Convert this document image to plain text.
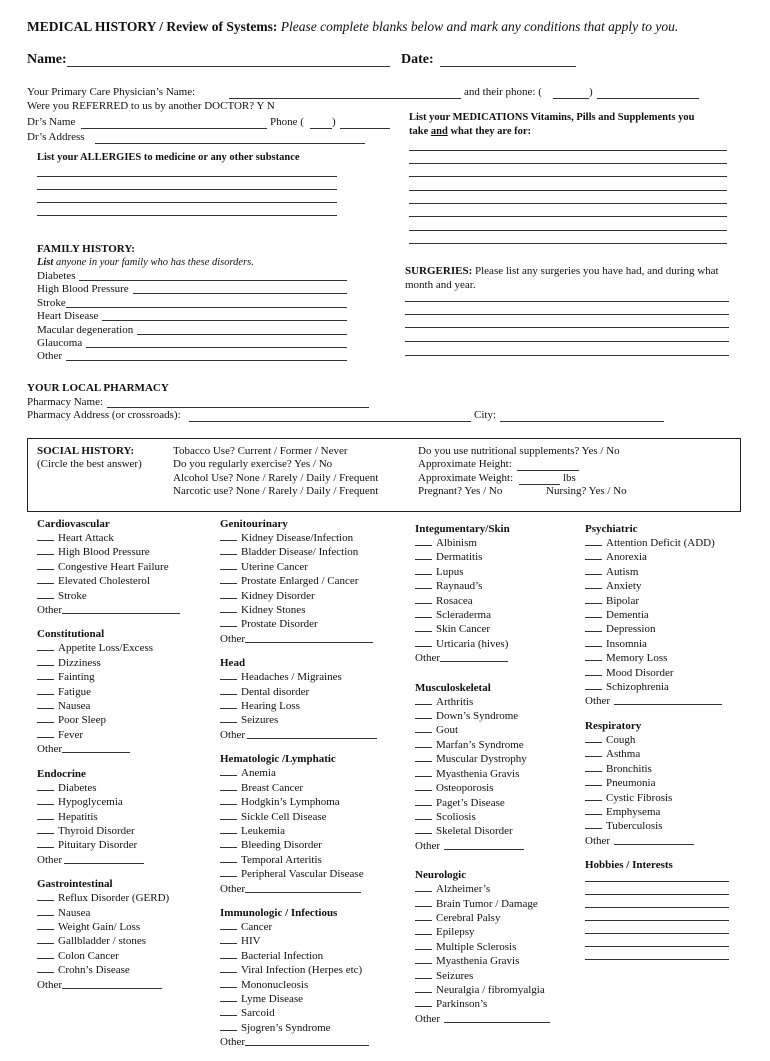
MEDICAL HISTORY / Review of Systems: Please complete blanks below and mark any conditions that apply to you.
Name:	Date:
Your Primary Care Physician’s Name:	and their phone: (	)
Were you REFERRED to us by another DOCTOR? Y N
Dr’s Name	Phone (	)
Dr’s Address
List your ALLERGIES to medicine or any other substance
List your MEDICATIONS Vitamins, Pills and Supplements you
take and what they are for:
FAMILY HISTORY:
List anyone in your family who has these disorders.
Diabetes
High Blood Pressure
Stroke
Heart Disease
Macular degeneration
Glaucoma
Other
SURGERIES: Please list any surgeries you have had, and during what
month and year.
YOUR LOCAL PHARMACY
Pharmacy Name:
Pharmacy Address (or crossroads):	City:
SOCIAL HISTORY:
(Circle the best answer)
Tobacco Use? Current / Former / Never
Do you regularly exercise? Yes / No
Alcohol Use? None / Rarely / Daily / Frequent
Narcotic use? None / Rarely / Daily / Frequent
Do you use nutritional supplements? Yes / No
Approximate Height:
Approximate Weight:	lbs
Pregnant? Yes / No	Nursing? Yes / No
Cardiovascular
Heart Attack
High Blood Pressure
Congestive Heart Failure
Elevated Cholesterol
Stroke
Other
Constitutional
Appetite Loss/Excess
Dizziness
Fainting
Fatigue
Nausea
Poor Sleep
Fever
Other
Endocrine
Diabetes
Hypoglycemia
Hepatitis
Thyroid Disorder
Pituitary Disorder
Other
Gastrointestinal
Reflux Disorder (GERD)
Nausea
Weight Gain/ Loss
Gallbladder / stones
Colon Cancer
Crohn’s Disease
Other
Genitourinary
Kidney Disease/Infection
Bladder Disease/ Infection
Uterine Cancer
Prostate Enlarged / Cancer
Kidney Disorder
Kidney Stones
Prostate Disorder
Other
Head
Headaches / Migraines
Dental disorder
Hearing Loss
Seizures
Other
Hematologic /Lymphatic
Anemia
Breast Cancer
Hodgkin’s Lymphoma
Sickle Cell Disease
Leukemia
Bleeding Disorder
Temporal Arteritis
Peripheral Vascular Disease
Other
Immunologic / Infectious
Cancer
HIV
Bacterial Infection
Viral Infection (Herpes etc)
Mononucleosis
Lyme Disease
Sarcoid
Sjogren’s Syndrome
Other
Integumentary/Skin
Albinism
Dermatitis
Lupus
Raynaud’s
Rosacea
Scleraderma
Skin Cancer
Urticaria (hives)
Other
Musculoskeletal
Arthritis
Down’s Syndrome
Gout
Marfan’s Syndrome
Muscular Dystrophy
Myasthenia Gravis
Osteoporosis
Paget’s Disease
Scoliosis
Skeletal Disorder
Other
Neurologic
Alzheimer’s
Brain Tumor / Damage
Cerebral Palsy
Epilepsy
Multiple Sclerosis
Myasthenia Gravis
Seizures
Neuralgia / fibromyalgia
Parkinson’s
Other
Psychiatric
Attention Deficit (ADD)
Anorexia
Autism
Anxiety
Bipolar
Dementia
Depression
Insomnia
Memory Loss
Mood Disorder
Schizophrenia
Other
Respiratory
Cough
Asthma
Bronchitis
Pneumonia
Cystic Fibrosis
Emphysema
Tuberculosis
Other
Hobbies / Interests
